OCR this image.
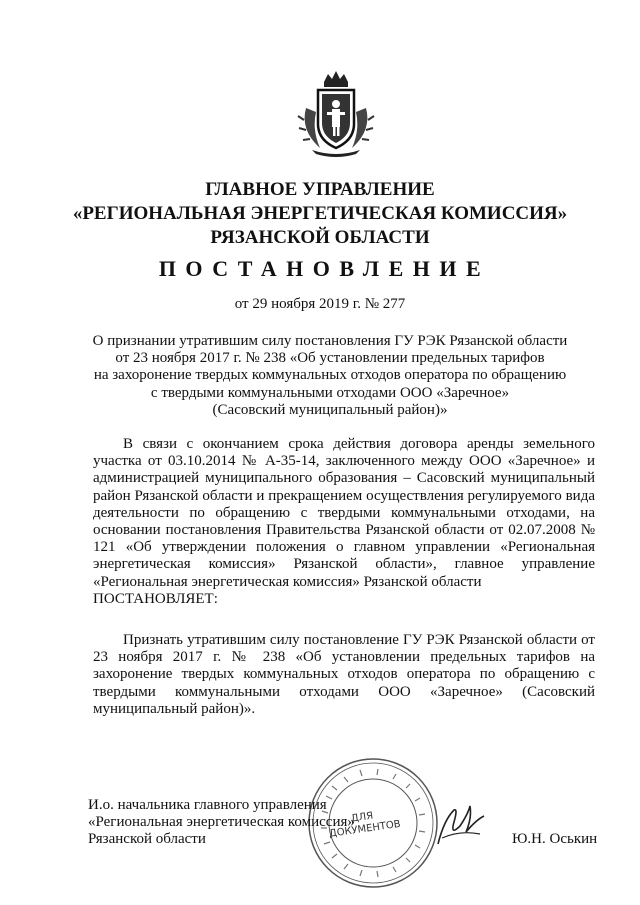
ГЛАВНОЕ УПРАВЛЕНИЕ
«РЕГИОНАЛЬНАЯ ЭНЕРГЕТИЧЕСКАЯ КОМИССИЯ»
РЯЗАНСКОЙ ОБЛАСТИ
ПОСТАНОВЛЕНИЕ
от 29 ноября 2019 г. № 277
О признании утратившим силу постановления ГУ РЭК Рязанской области
от 23 ноября 2017 г. № 238 «Об установлении предельных тарифов
на захоронение твердых коммунальных отходов оператора по обращению
с твердыми коммунальными отходами ООО «Заречное»
(Сасовский муниципальный район)»
В связи с окончанием срока действия договора аренды земельного участка от 03.10.2014 № А-35-14, заключенного между ООО «Заречное» и администрацией муниципального образования – Сасовский муниципальный район Рязанской области и прекращением осуществления регулируемого вида деятельности по обращению с твердыми коммунальными отходами, на основании постановления Правительства Рязанской области от 02.07.2008 № 121 «Об утверждении положения о главном управлении «Региональная энергетическая комиссия» Рязанской области», главное управление «Региональная энергетическая комиссия» Рязанской области
ПОСТАНОВЛЯЕТ:
Признать утратившим силу постановление ГУ РЭК Рязанской области от 23 ноября 2017 г. № 238 «Об установлении предельных тарифов на захоронение твердых коммунальных отходов оператора по обращению с твердыми коммунальными отходами ООО «Заречное» (Сасовский муниципальный район)».
ДЛЯ ДОКУМЕНТОВ
И.о. начальника главного управления
«Региональная энергетическая комиссия»
Рязанской области	Ю.Н. Оськин
